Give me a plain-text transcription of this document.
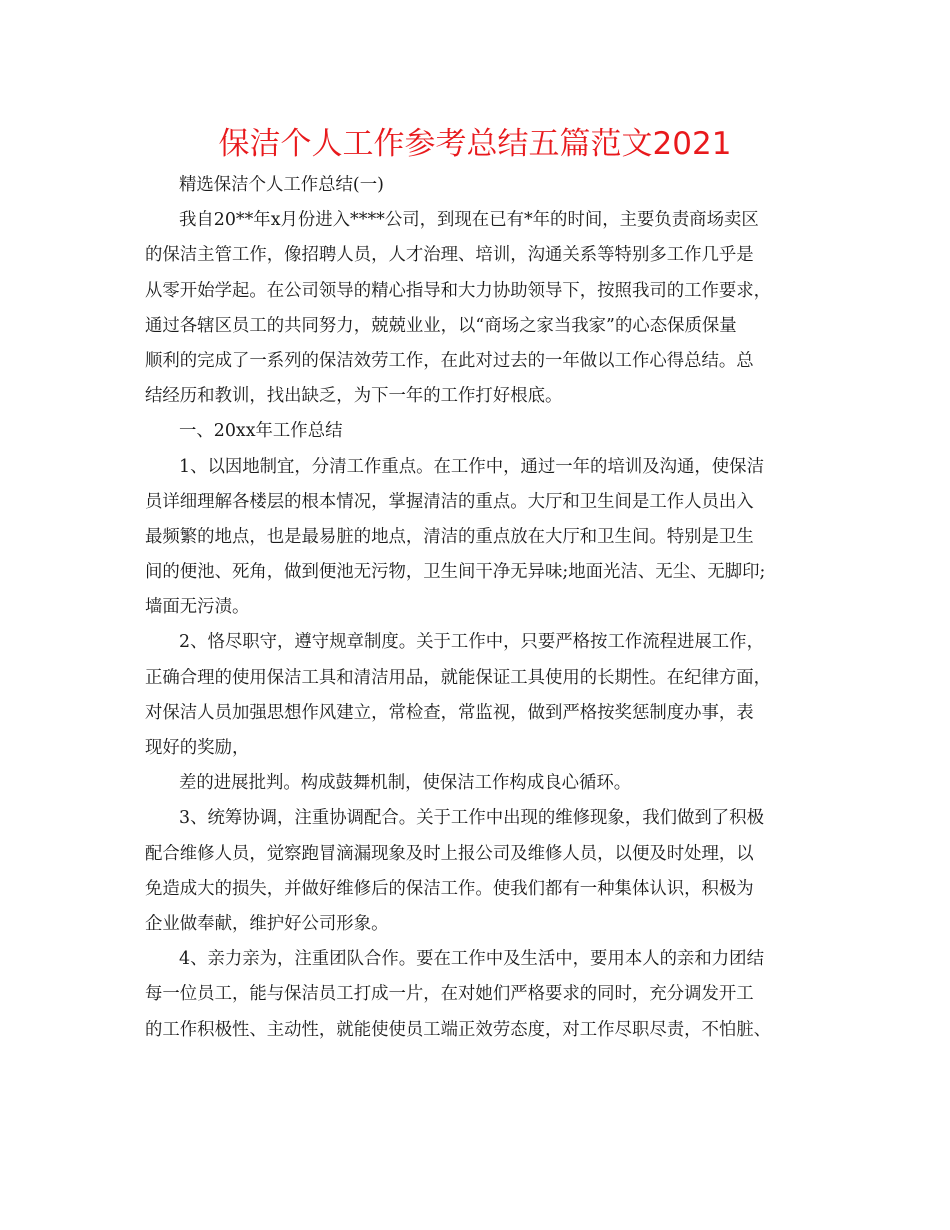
保洁个人工作参考总结五篇范文2021
精选保洁个人工作总结(一)
我自20**年x月份进入****公司，到现在已有*年的时间，主要负责商场卖区
的保洁主管工作，像招聘人员，人才治理、培训，沟通关系等特别多工作几乎是
从零开始学起。在公司领导的精心指导和大力协助领导下，按照我司的工作要求，
通过各辖区员工的共同努力，兢兢业业，以“商场之家当我家”的心态保质保量
顺利的完成了一系列的保洁效劳工作，在此对过去的一年做以工作心得总结。总
结经历和教训，找出缺乏，为下一年的工作打好根底。
一、20xx年工作总结
1、以因地制宜，分清工作重点。在工作中，通过一年的培训及沟通，使保洁
员详细理解各楼层的根本情况，掌握清洁的重点。大厅和卫生间是工作人员出入
最频繁的地点，也是最易脏的地点，清洁的重点放在大厅和卫生间。特别是卫生
间的便池、死角，做到便池无污物，卫生间干净无异味;地面光洁、无尘、无脚印;
墙面无污渍。
2、恪尽职守，遵守规章制度。关于工作中，只要严格按工作流程进展工作，
正确合理的使用保洁工具和清洁用品，就能保证工具使用的长期性。在纪律方面，
对保洁人员加强思想作风建立，常检查，常监视，做到严格按奖惩制度办事，表
现好的奖励，
差的进展批判。构成鼓舞机制，使保洁工作构成良心循环。
3、统筹协调，注重协调配合。关于工作中出现的维修现象，我们做到了积极
配合维修人员，觉察跑冒滴漏现象及时上报公司及维修人员，以便及时处理，以
免造成大的损失，并做好维修后的保洁工作。使我们都有一种集体认识，积极为
企业做奉献，维护好公司形象。
4、亲力亲为，注重团队合作。要在工作中及生活中，要用本人的亲和力团结
每一位员工，能与保洁员工打成一片，在对她们严格要求的同时，充分调发开工
的工作积极性、主动性，就能使使员工端正效劳态度，对工作尽职尽责，不怕脏、
